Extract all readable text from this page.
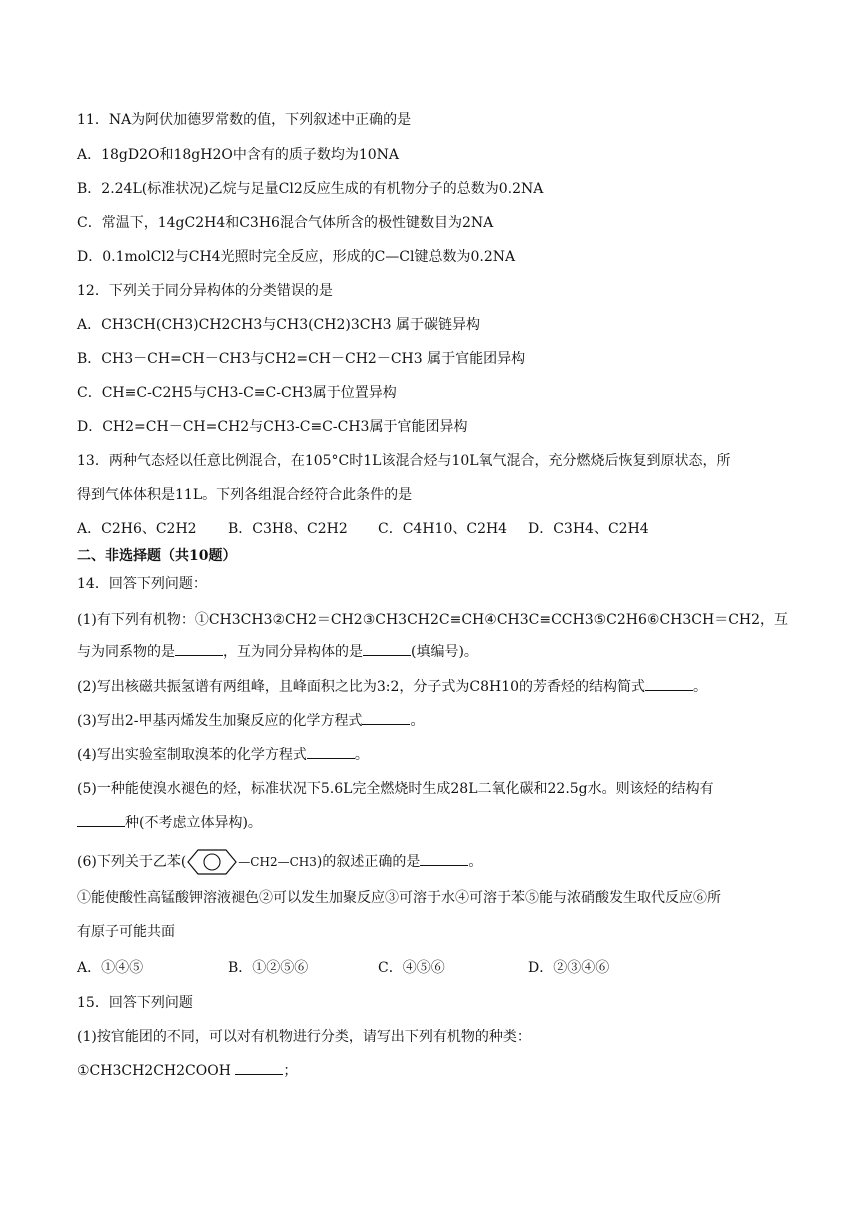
11．NA为阿伏加德罗常数的值，下列叙述中正确的是
A．18gD2O和18gH2O中含有的质子数均为10NA
B．2.24L(标准状况)乙烷与足量Cl2反应生成的有机物分子的总数为0.2NA
C．常温下，14gC2H4和C3H6混合气体所含的极性键数目为2NA
D．0.1molCl2与CH4光照时完全反应，形成的C—Cl键总数为0.2NA
12．下列关于同分异构体的分类错误的是
A．CH3CH(CH3)CH2CH3与CH3(CH2)3CH3 属于碳链异构
B．CH3－CH=CH－CH3与CH2=CH－CH2－CH3 属于官能团异构
C．CH≡C-C2H5与CH3-C≡C-CH3属于位置异构
D．CH2=CH－CH=CH2与CH3-C≡C-CH3属于官能团异构
13．两种气态烃以任意比例混合，在105°C时1L该混合烃与10L氧气混合，充分燃烧后恢复到原状态，所
得到气体体积是11L。下列各组混合经符合此条件的是
A．C2H6、C2H2 B．C3H8、C2H2 C．C4H10、C2H4 D．C3H4、C2H4
二、非选择题（共10题）
14．回答下列问题：
(1)有下列有机物：①CH3CH3②CH2＝CH2③CH3CH2C≡CH④CH3C≡CCH3⑤C2H6⑥CH3CH＝CH2，互
与为同系物的是	，互为同分异构体的是	(填编号)。
(2)写出核磁共振氢谱有两组峰，且峰面积之比为3:2，分子式为C8H10的芳香烃的结构简式	。
(3)写出2-甲基丙烯发生加聚反应的化学方程式	。
(4)写出实验室制取溴苯的化学方程式	。
(5)一种能使溴水褪色的烃，标准状况下5.6L完全燃烧时生成28L二氧化碳和22.5g水。则该烃的结构有
种(不考虑立体异构)。
(6)下列关于乙苯(	—CH2—CH3)的叙述正确的是	。
①能使酸性高锰酸钾溶液褪色②可以发生加聚反应③可溶于水④可溶于苯⑤能与浓硝酸发生取代反应⑥所
有原子可能共面
A．①④⑤	B．①②⑤⑥	C．④⑤⑥	D．②③④⑥
15．回答下列问题
(1)按官能团的不同，可以对有机物进行分类，请写出下列有机物的种类：
①CH3CH2CH2COOH	；
